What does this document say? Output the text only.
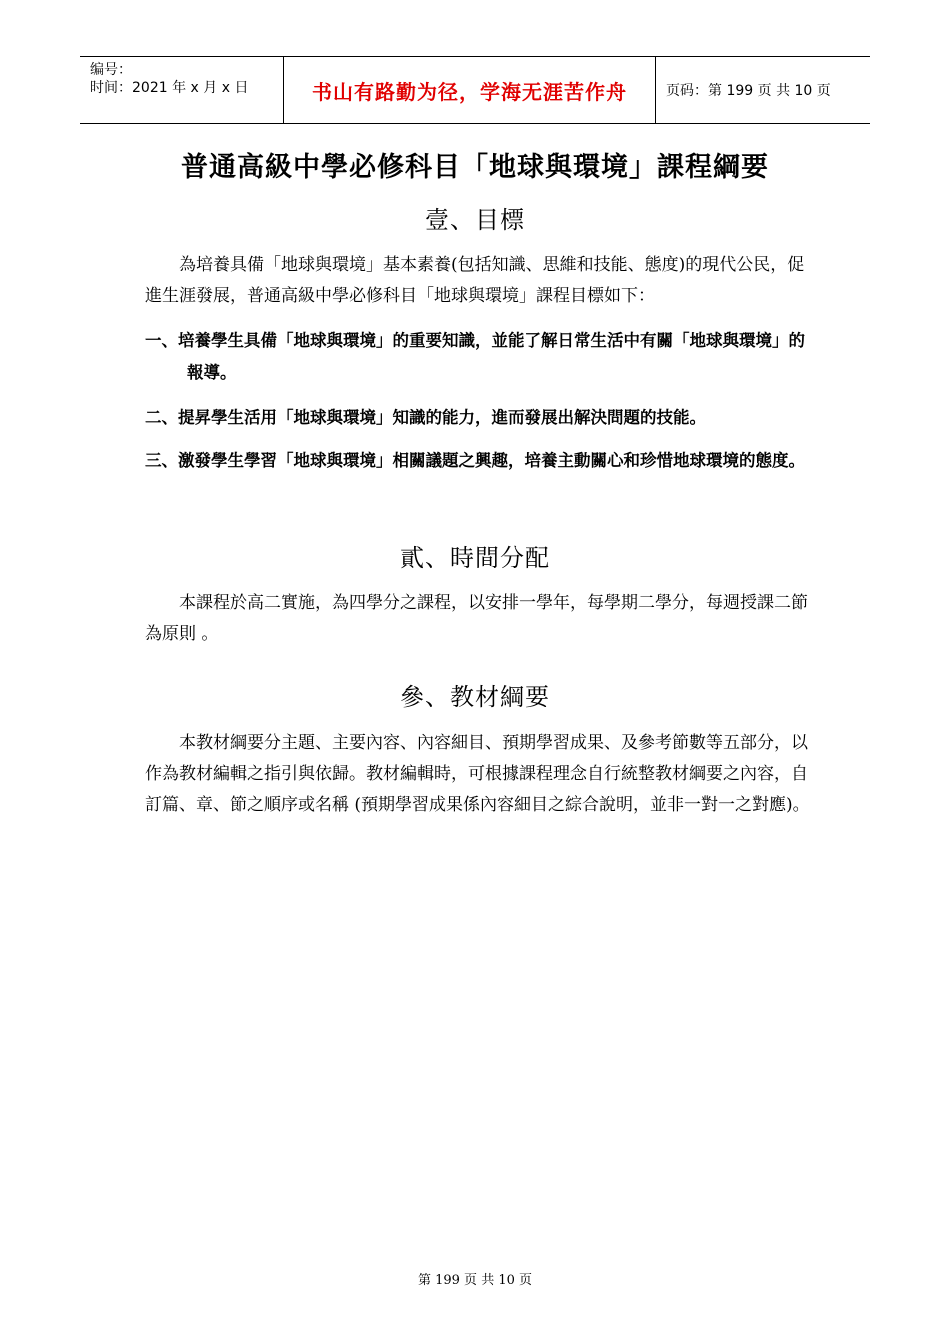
编号：
时间：2021 年 x 月 x 日	书山有路勤为径，学海无涯苦作舟	页码：第 199 页 共 10 页
普通高級中學必修科目「地球與環境」課程綱要
壹、目標
為培養具備「地球與環境」基本素養(包括知識、思維和技能、態度)的現代公民，促進生涯發展，普通高級中學必修科目「地球與環境」課程目標如下：
一、培養學生具備「地球與環境」的重要知識，並能了解日常生活中有關「地球與環境」的報導。
二、提昇學生活用「地球與環境」知識的能力，進而發展出解決問題的技能。
三、激發學生學習「地球與環境」相關議題之興趣，培養主動關心和珍惜地球環境的態度。
貳、時間分配
本課程於高二實施，為四學分之課程，以安排一學年，每學期二學分，每週授課二節為原則 。
參、教材綱要
本教材綱要分主題、主要內容、內容細目、預期學習成果、及參考節數等五部分，以作為教材編輯之指引與依歸。教材編輯時，可根據課程理念自行統整教材綱要之內容，自訂篇、章、節之順序或名稱 (預期學習成果係內容細目之綜合說明，並非一對一之對應)。
第 199 页 共 10 页
